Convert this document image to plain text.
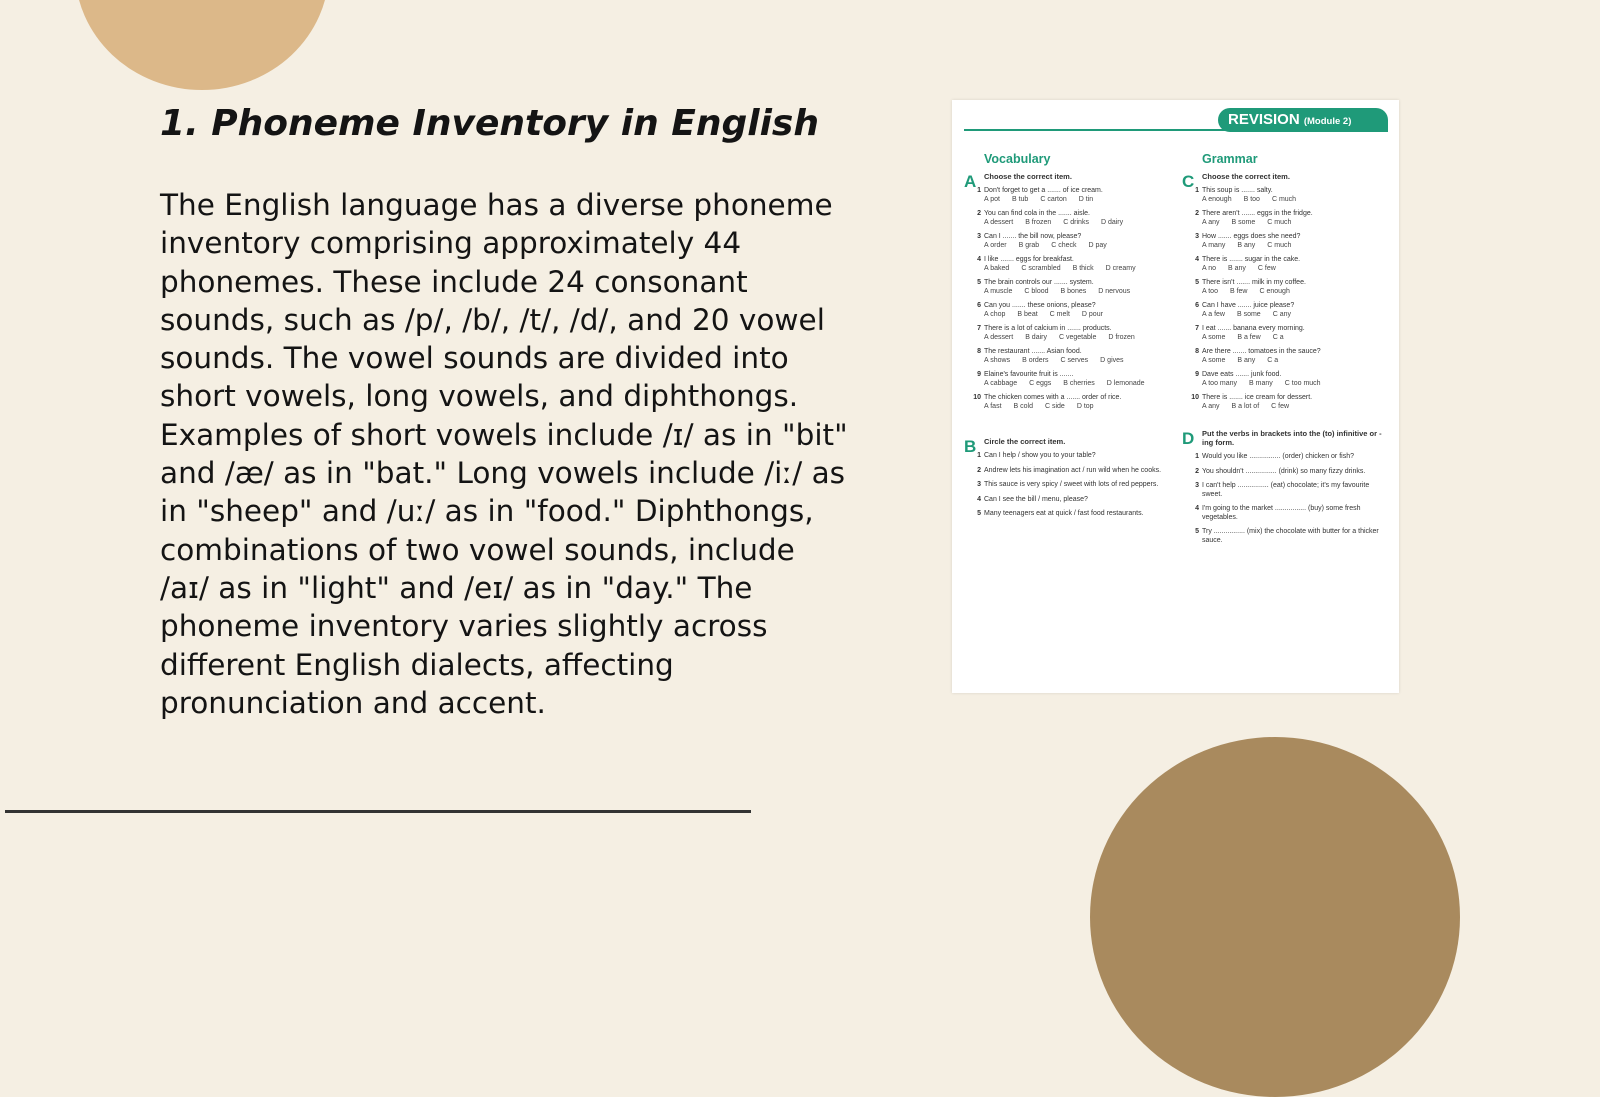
1. Phoneme Inventory in English

The English language has a diverse phoneme inventory comprising approximately 44 phonemes. These include 24 consonant sounds, such as /p/, /b/, /t/, /d/, and 20 vowel sounds. The vowel sounds are divided into short vowels, long vowels, and diphthongs. Examples of short vowels include /ɪ/ as in "bit" and /æ/ as in "bat." Long vowels include /iː/ as in "sheep" and /uː/ as in "food." Diphthongs, combinations of two vowel sounds, include /aɪ/ as in "light" and /eɪ/ as in "day." The phoneme inventory varies slightly across different English dialects, affecting pronunciation and accent.

REVISION (Module 2)
Vocabulary
A Choose the correct item.
1 Don't forget to get a ....... of ice cream.
A pot B tub C carton D tin
2 You can find cola in the ....... aisle.
A dessert B frozen C drinks D dairy
3 Can I ....... the bill now, please?
A order B grab C check D pay
4 I like ....... eggs for breakfast.
A baked C scrambled B thick D creamy
5 The brain controls our ....... system.
A muscle C blood B bones D nervous
6 Can you ....... these onions, please?
A chop B beat C melt D pour
7 There is a lot of calcium in ....... products.
A dessert B dairy C vegetable D frozen
8 The restaurant ....... Asian food.
A shows B orders C serves D gives
9 Elaine's favourite fruit is .......
A cabbage C eggs B cherries D lemonade
10 The chicken comes with a ....... order of rice.
A fast B cold C side D top
B Circle the correct item.
1 Can I help / show you to your table?
2 Andrew lets his imagination act / run wild when he cooks.
3 This sauce is very spicy / sweet with lots of red peppers.
4 Can I see the bill / menu, please?
5 Many teenagers eat at quick / fast food restaurants.
Grammar
C Choose the correct item.
1 This soup is ....... salty.
A enough B too C much
2 There aren't ....... eggs in the fridge.
A any B some C much
3 How ....... eggs does she need?
A many B any C much
4 There is ....... sugar in the cake.
A no B any C few
5 There isn't ....... milk in my coffee.
A too B few C enough
6 Can I have ....... juice please?
A a few B some C any
7 I eat ....... banana every morning.
A some B a few C a
8 Are there ....... tomatoes in the sauce?
A some B any C a
9 Dave eats ....... junk food.
A too many B many C too much
10 There is ....... ice cream for dessert.
A any B a lot of C few
D Put the verbs in brackets into the (to) infinitive or -ing form.
1 Would you like ................ (order) chicken or fish?
2 You shouldn't ................ (drink) so many fizzy drinks.
3 I can't help ................ (eat) chocolate; it's my favourite sweet.
4 I'm going to the market ................ (buy) some fresh vegetables.
5 Try ................ (mix) the chocolate with butter for a thicker sauce.
